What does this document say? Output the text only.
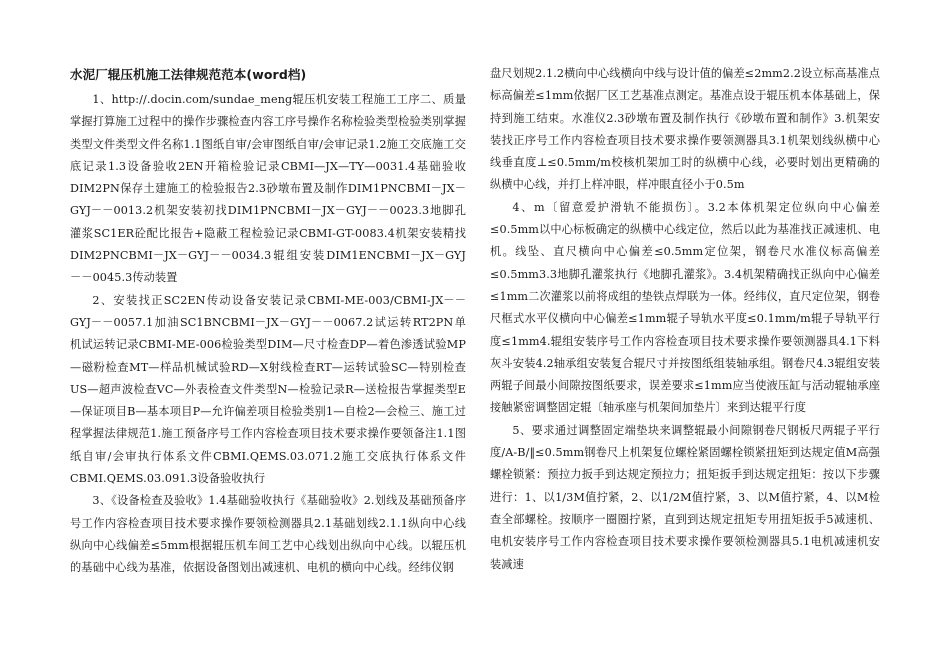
水泥厂辊压机施工法律规范范本(word档)

1、http://.docin.com/sundae_meng辊压机安装工程施工工序二、质量掌握打算施工过程中的操作步骤检查内容工序号操作名称检验类型检验类别掌握类型文件类型文件名称1.1图纸自审/会审图纸自审/会审记录1.2施工交底施工交底记录1.3设备验收2EN开箱检验记录CBMI—JX—TY—0031.4基础验收DIM2PN保存土建施工的检验报告2.3砂墩布置及制作DIM1PNCBMI－JX－GYJ－－0013.2机架安装初找DIM1PNCBMI－JX－GYJ－－0023.3地脚孔灌浆SC1ER砼配比报告+隐蔽工程检验记录CBMI-GT-0083.4机架安装精找DIM2PNCBMI－JX－GYJ－－0034.3辊组安装DIM1ENCBMI－JX－GYJ－－0045.3传动装置

2、安装找正SC2EN传动设备安装记录CBMI-ME-003/CBMI-JX－－GYJ－－0057.1加油SC1BNCBMI－JX－GYJ－－0067.2试运转RT2PN单机试运转记录CBMI-ME-006检验类型DIM—尺寸检查DP—着色渗透试验MP—磁粉检查MT—样品机械试验RD—X射线检查RT—运转试验SC—特别检查US—超声波检查VC—外表检查文件类型N—检验记录R—送检报告掌握类型E—保证项目B—基本项目P—允许偏差项目检验类别1—自检2—会检三、施工过程掌握法律规范1.施工预备序号工作内容检查项目技术要求操作要领备注1.1图纸自审/会审执行体系文件CBMI.QEMS.03.071.2施工交底执行体系文件CBMI.QEMS.03.091.3设备验收执行

3、《设备检查及验收》1.4基础验收执行《基础验收》2.划线及基础预备序号工作内容检查项目技术要求操作要领检测器具2.1基础划线2.1.1纵向中心线纵向中心线偏差≤5mm根据辊压机车间工艺中心线划出纵向中心线。以辊压机的基础中心线为基准，依据设备图划出减速机、电机的横向中心线。经纬仪钢

盘尺划规2.1.2横向中心线横向中线与设计值的偏差≤2mm2.2设立标高基准点标高偏差≤1mm依据厂区工艺基准点测定。基准点设于辊压机本体基础上，保持到施工结束。水准仪2.3砂墩布置及制作执行《砂墩布置和制作》3.机架安装找正序号工作内容检查项目技术要求操作要领测器具3.1机架划线纵横中心线垂直度⊥≤0.5mm/m校核机架加工时的纵横中心线，必要时划出更精确的纵横中心线，并打上样冲眼，样冲眼直径小于0.5m

4、m〔留意爱护滑轨不能损伤〕。3.2本体机架定位纵向中心偏差≤0.5mm以中心标板确定的纵横中心线定位，然后以此为基准找正减速机、电机。线坠、直尺横向中心偏差≤0.5mm定位架，钢卷尺水准仪标高偏差≤0.5mm3.3地脚孔灌浆执行《地脚孔灌浆》。3.4机架精确找正纵向中心偏差≤1mm二次灌浆以前将成组的垫铁点焊联为一体。经纬仪，直尺定位架，钢卷尺框式水平仪横向中心偏差≤1mm辊子导轨水平度≤0.1mm/m辊子导轨平行度≤1mm4.辊组安装序号工作内容检查项目技术要求操作要领测器具4.1下料灰斗安装4.2轴承组安装复合辊尺寸并按图纸组装轴承组。钢卷尺4.3辊组安装两辊子间最小间隙按图纸要求，误差要求≤1mm应当使液压缸与活动辊轴承座接触紧密调整固定辊〔轴承座与机架间加垫片〕来到达辊平行度

5、要求通过调整固定端垫块来调整辊最小间隙钢卷尺钢板尺两辊子平行度/A-B/‖≤0.5mm钢卷尺上机架复位螺栓紧固螺栓锁紧扭矩到达规定值M高强螺栓锁紧：预拉力扳手到达规定预拉力；扭矩扳手到达规定扭矩：按以下步骤进行：1、以1/3M值拧紧，2、以1/2M值拧紧，3、以M值拧紧，4、以M检查全部螺栓。按顺序一圈圈拧紧，直到到达规定扭矩专用扭矩扳手5减速机、电机安装序号工作内容检查项目技术要求操作要领检测器具5.1电机减速机安装减速
